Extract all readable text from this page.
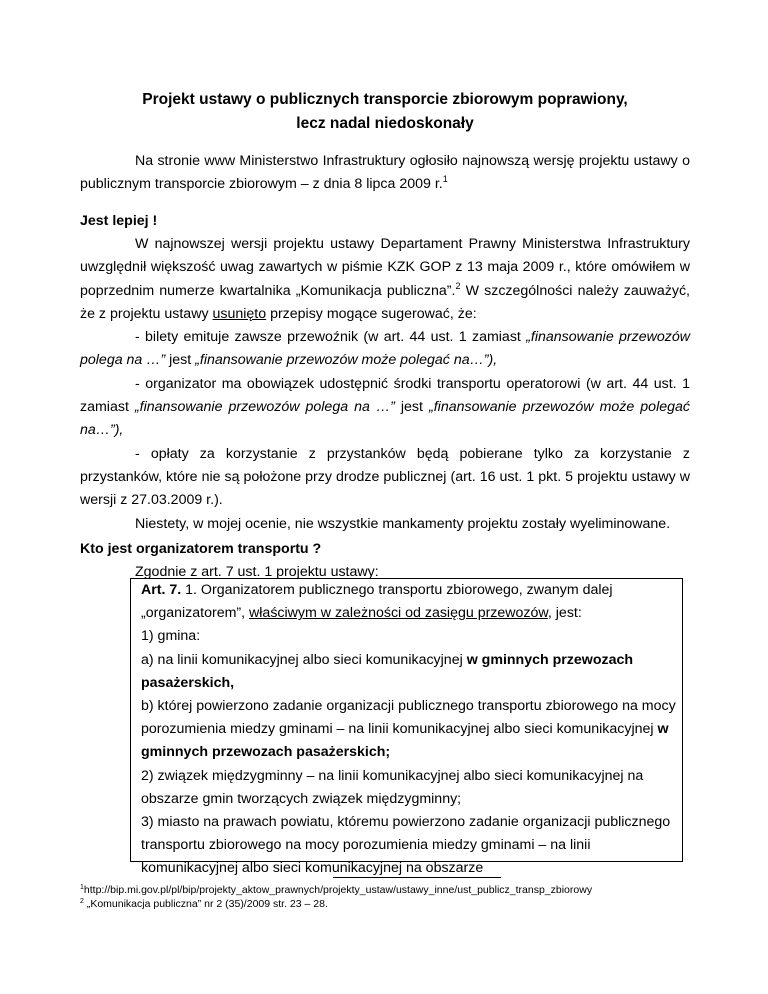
Projekt ustawy o publicznych transporcie zbiorowym poprawiony,
lecz nadal niedoskonały

Na stronie www Ministerstwo Infrastruktury ogłosiło najnowszą wersję projektu ustawy o publicznym transporcie zbiorowym – z dnia 8 lipca 2009 r.$^1$

Jest lepiej !

W najnowszej wersji projektu ustawy Departament Prawny Ministerstwa Infrastruktury uwzględnił większość uwag zawartych w piśmie KZK GOP z 13 maja 2009 r., które omówiłem w poprzednim numerze kwartalnika „Komunikacja publiczna”.$^2$ W szczególności należy zauważyć, że z projektu ustawy usunięto przepisy mogące sugerować, że:

- bilety emituje zawsze przewoźnik (w art. 44 ust. 1 zamiast „finansowanie przewozów polega na …” jest „finansowanie przewozów może polegać na…”),

- organizator ma obowiązek udostępnić środki transportu operatorowi (w art. 44 ust. 1 zamiast „finansowanie przewozów polega na …” jest „finansowanie przewozów może polegać na…”),

- opłaty za korzystanie z przystanków będą pobierane tylko za korzystanie z przystanków, które nie są położone przy drodze publicznej (art. 16 ust. 1 pkt. 5 projektu ustawy w wersji z 27.03.2009 r.).

Niestety, w mojej ocenie, nie wszystkie mankamenty projektu zostały wyeliminowane.

Kto jest organizatorem transportu ?
Zgodnie z art. 7 ust. 1 projektu ustawy:

Art. 7. 1. Organizatorem publicznego transportu zbiorowego, zwanym dalej „organizatorem”, właściwym w zależności od zasięgu przewozów, jest:

1) gmina:

a) na linii komunikacyjnej albo sieci komunikacyjnej w gminnych przewozach pasażerskich,

b) której powierzono zadanie organizacji publicznego transportu zbiorowego na mocy porozumienia miedzy gminami – na linii komunikacyjnej albo sieci komunikacyjnej w gminnych przewozach pasażerskich;

2) związek międzygminny – na linii komunikacyjnej albo sieci komunikacyjnej na obszarze gmin tworzących związek międzygminny;

3) miasto na prawach powiatu, któremu powierzono zadanie organizacji publicznego transportu zbiorowego na mocy porozumienia miedzy gminami – na linii komunikacyjnej albo sieci komunikacyjnej na obszarze

$^1$http://bip.mi.gov.pl/pl/bip/projekty_aktow_prawnych/projekty_ustaw/ustawy_inne/ust_publicz_transp_zbiorowy
$^2$ „Komunikacja publiczna” nr 2 (35)/2009 str. 23 – 28.
